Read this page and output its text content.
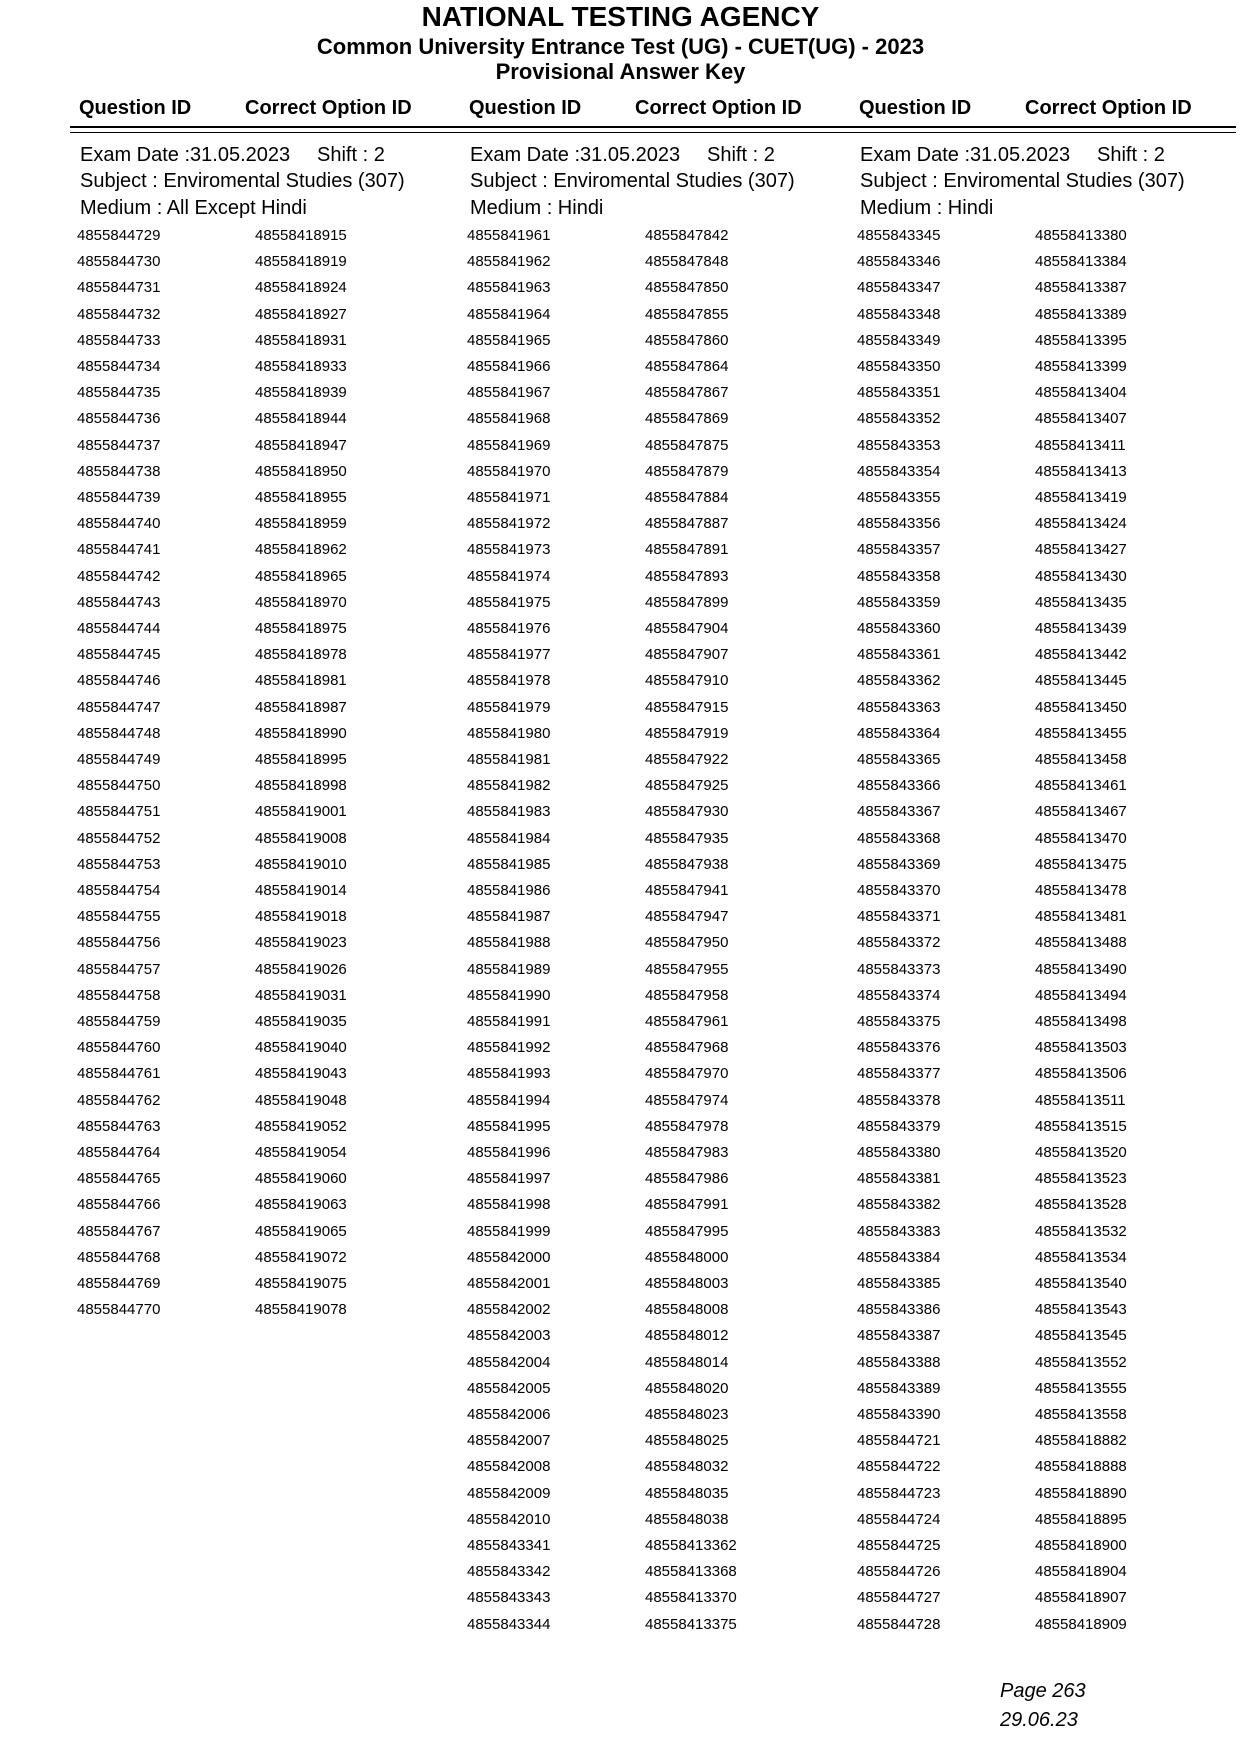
NATIONAL TESTING AGENCY
Common University Entrance Test (UG) - CUET(UG) - 2023
Provisional Answer Key
Question ID	Correct Option ID	Question ID	Correct Option ID	Question ID	Correct Option ID
Exam Date :31.05.2023 Shift : 2
Subject : Enviromental Studies (307)
Medium : All Except Hindi
4855844729	48558418915
4855844730	48558418919
4855844731	48558418924
4855844732	48558418927
4855844733	48558418931
4855844734	48558418933
4855844735	48558418939
4855844736	48558418944
4855844737	48558418947
4855844738	48558418950
4855844739	48558418955
4855844740	48558418959
4855844741	48558418962
4855844742	48558418965
4855844743	48558418970
4855844744	48558418975
4855844745	48558418978
4855844746	48558418981
4855844747	48558418987
4855844748	48558418990
4855844749	48558418995
4855844750	48558418998
4855844751	48558419001
4855844752	48558419008
4855844753	48558419010
4855844754	48558419014
4855844755	48558419018
4855844756	48558419023
4855844757	48558419026
4855844758	48558419031
4855844759	48558419035
4855844760	48558419040
4855844761	48558419043
4855844762	48558419048
4855844763	48558419052
4855844764	48558419054
4855844765	48558419060
4855844766	48558419063
4855844767	48558419065
4855844768	48558419072
4855844769	48558419075
4855844770	48558419078
Exam Date :31.05.2023 Shift : 2
Subject : Enviromental Studies (307)
Medium : Hindi
4855841961	4855847842
4855841962	4855847848
4855841963	4855847850
4855841964	4855847855
4855841965	4855847860
4855841966	4855847864
4855841967	4855847867
4855841968	4855847869
4855841969	4855847875
4855841970	4855847879
4855841971	4855847884
4855841972	4855847887
4855841973	4855847891
4855841974	4855847893
4855841975	4855847899
4855841976	4855847904
4855841977	4855847907
4855841978	4855847910
4855841979	4855847915
4855841980	4855847919
4855841981	4855847922
4855841982	4855847925
4855841983	4855847930
4855841984	4855847935
4855841985	4855847938
4855841986	4855847941
4855841987	4855847947
4855841988	4855847950
4855841989	4855847955
4855841990	4855847958
4855841991	4855847961
4855841992	4855847968
4855841993	4855847970
4855841994	4855847974
4855841995	4855847978
4855841996	4855847983
4855841997	4855847986
4855841998	4855847991
4855841999	4855847995
4855842000	4855848000
4855842001	4855848003
4855842002	4855848008
4855842003	4855848012
4855842004	4855848014
4855842005	4855848020
4855842006	4855848023
4855842007	4855848025
4855842008	4855848032
4855842009	4855848035
4855842010	4855848038
4855843341	48558413362
4855843342	48558413368
4855843343	48558413370
4855843344	48558413375
Exam Date :31.05.2023 Shift : 2
Subject : Enviromental Studies (307)
Medium : Hindi
4855843345	48558413380
4855843346	48558413384
4855843347	48558413387
4855843348	48558413389
4855843349	48558413395
4855843350	48558413399
4855843351	48558413404
4855843352	48558413407
4855843353	48558413411
4855843354	48558413413
4855843355	48558413419
4855843356	48558413424
4855843357	48558413427
4855843358	48558413430
4855843359	48558413435
4855843360	48558413439
4855843361	48558413442
4855843362	48558413445
4855843363	48558413450
4855843364	48558413455
4855843365	48558413458
4855843366	48558413461
4855843367	48558413467
4855843368	48558413470
4855843369	48558413475
4855843370	48558413478
4855843371	48558413481
4855843372	48558413488
4855843373	48558413490
4855843374	48558413494
4855843375	48558413498
4855843376	48558413503
4855843377	48558413506
4855843378	48558413511
4855843379	48558413515
4855843380	48558413520
4855843381	48558413523
4855843382	48558413528
4855843383	48558413532
4855843384	48558413534
4855843385	48558413540
4855843386	48558413543
4855843387	48558413545
4855843388	48558413552
4855843389	48558413555
4855843390	48558413558
4855844721	48558418882
4855844722	48558418888
4855844723	48558418890
4855844724	48558418895
4855844725	48558418900
4855844726	48558418904
4855844727	48558418907
4855844728	48558418909
Page 263
29.06.23
